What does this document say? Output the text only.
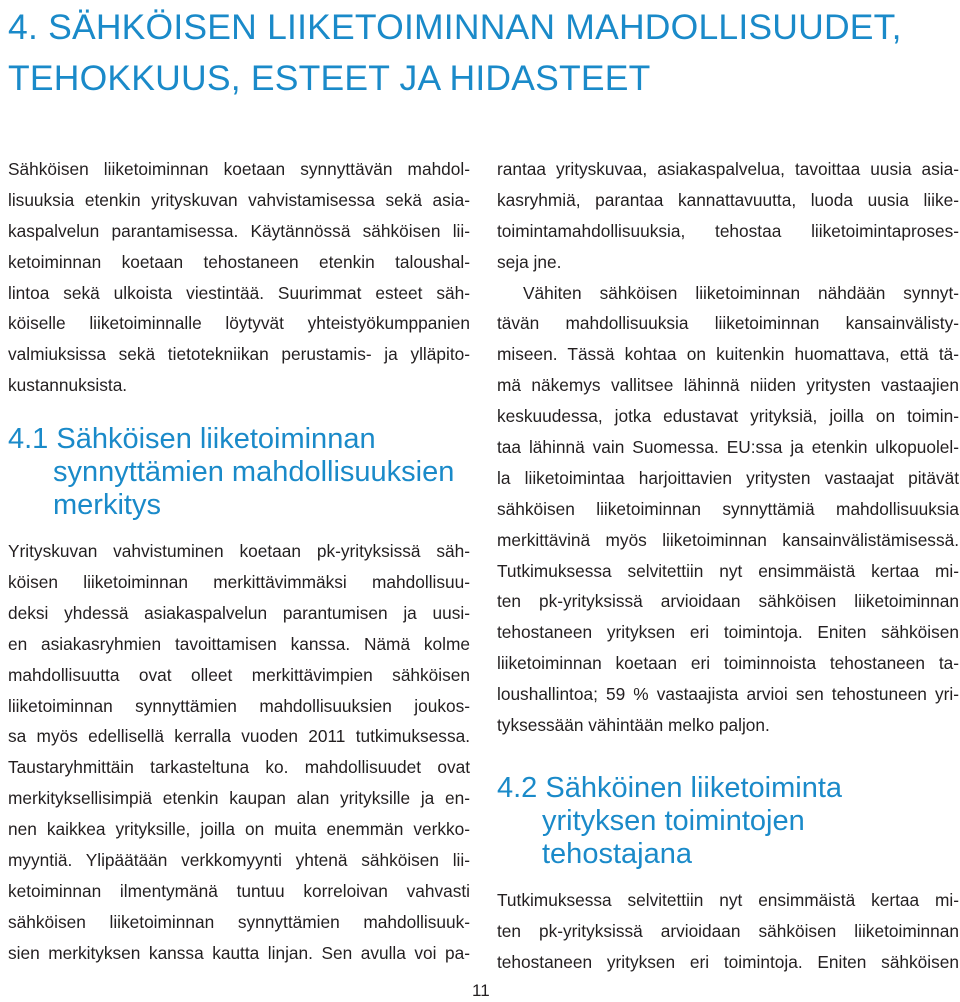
4. SÄHKÖISEN LIIKETOIMINNAN MAHDOLLISUUDET,
TEHOKKUUS, ESTEET JA HIDASTEET
Sähköisen liiketoiminnan koetaan synnyttävän mahdol-
lisuuksia etenkin yrityskuvan vahvistamisessa sekä asia-
kaspalvelun parantamisessa. Käytännössä sähköisen lii-
ketoiminnan koetaan tehostaneen etenkin taloushal-
lintoa sekä ulkoista viestintää. Suurimmat esteet säh-
köiselle liiketoiminnalle löytyvät yhteistyökumppanien
valmiuksissa sekä tietotekniikan perustamis- ja ylläpito-
kustannuksista.
4.1 Sähköisen liiketoiminnan
synnyttämien mahdollisuuksien
merkitys
Yrityskuvan vahvistuminen koetaan pk-yrityksissä säh-
köisen liiketoiminnan merkittävimmäksi mahdollisuu-
deksi yhdessä asiakaspalvelun parantumisen ja uusi-
en asiakasryhmien tavoittamisen kanssa. Nämä kolme
mahdollisuutta ovat olleet merkittävimpien sähköisen
liiketoiminnan synnyttämien mahdollisuuksien joukos-
sa myös edellisellä kerralla vuoden 2011 tutkimuksessa.
Taustaryhmittäin tarkasteltuna ko. mahdollisuudet ovat
merkityksellisimpiä etenkin kaupan alan yrityksille ja en-
nen kaikkea yrityksille, joilla on muita enemmän verkko-
myyntiä. Ylipäätään verkkomyynti yhtenä sähköisen lii-
ketoiminnan ilmentymänä tuntuu korreloivan vahvasti
sähköisen liiketoiminnan synnyttämien mahdollisuuk-
sien merkityksen kanssa kautta linjan. Sen avulla voi pa-
rantaa yrityskuvaa, asiakaspalvelua, tavoittaa uusia asia-
kasryhmiä, parantaa kannattavuutta, luoda uusia liike-
toimintamahdollisuuksia, tehostaa liiketoimintaproses-
seja jne.
Vähiten sähköisen liiketoiminnan nähdään synnyt-
tävän mahdollisuuksia liiketoiminnan kansainvälisty-
miseen. Tässä kohtaa on kuitenkin huomattava, että tä-
mä näkemys vallitsee lähinnä niiden yritysten vastaajien
keskuudessa, jotka edustavat yrityksiä, joilla on toimin-
taa lähinnä vain Suomessa. EU:ssa ja etenkin ulkopuolel-
la liiketoimintaa harjoittavien yritysten vastaajat pitävät
sähköisen liiketoiminnan synnyttämiä mahdollisuuksia
merkittävinä myös liiketoiminnan kansainvälistämisessä.
Tutkimuksessa selvitettiin nyt ensimmäistä kertaa mi-
ten pk-yrityksissä arvioidaan sähköisen liiketoiminnan
tehostaneen yrityksen eri toimintoja. Eniten sähköisen
liiketoiminnan koetaan eri toiminnoista tehostaneen ta-
loushallintoa; 59 % vastaajista arvioi sen tehostuneen yri-
tyksessään vähintään melko paljon.
4.2 Sähköinen liiketoiminta
yrityksen toimintojen
tehostajana
Tutkimuksessa selvitettiin nyt ensimmäistä kertaa mi-
ten pk-yrityksissä arvioidaan sähköisen liiketoiminnan
tehostaneen yrityksen eri toimintoja. Eniten sähköisen
11
